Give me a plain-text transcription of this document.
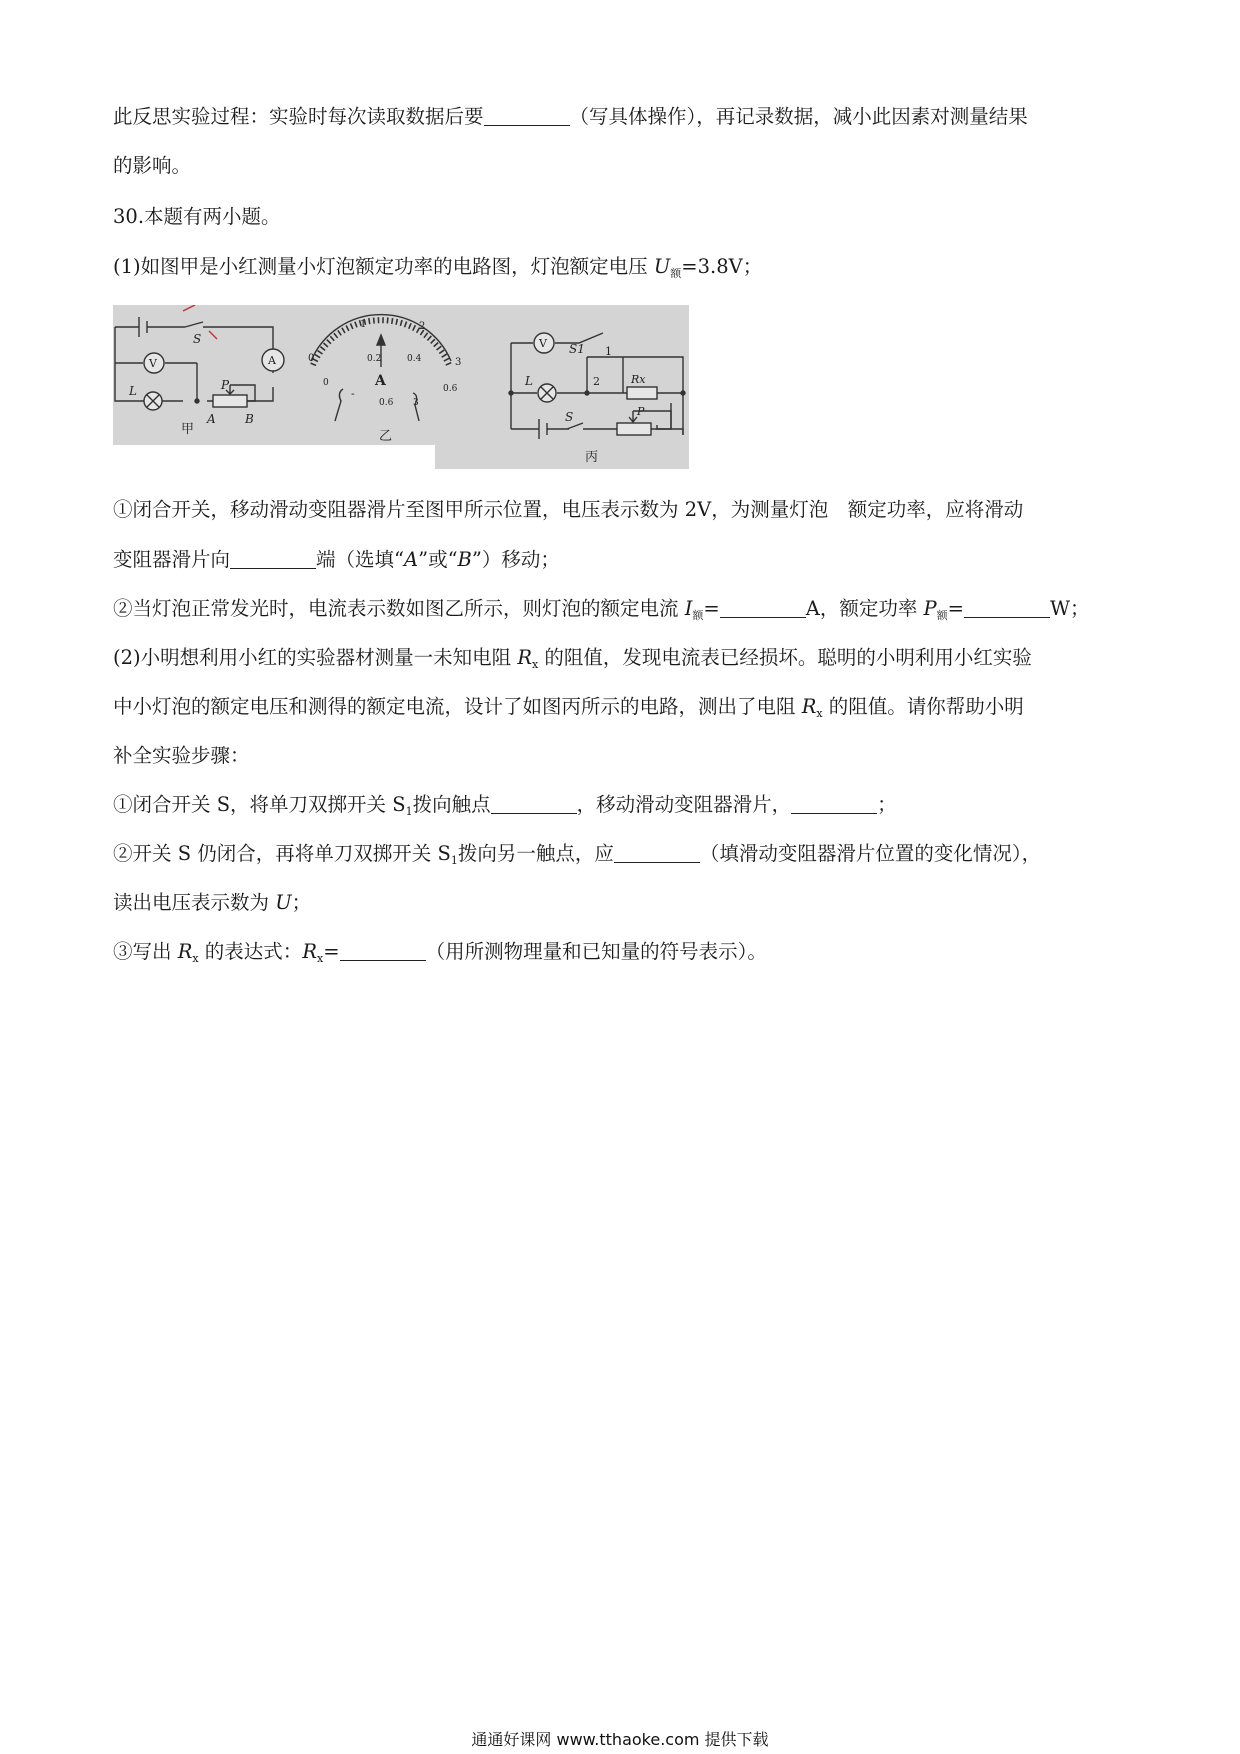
此反思实验过程：实验时每次读取数据后要	（写具体操作），再记录数据，减小此因素对测量结果
的影响。
30.本题有两小题。
(1)如图甲是小红测量小灯泡额定功率的电路图，灯泡额定电压 $U_额=3.8V$；
S
V	A
L	P
A B
甲
0
1	2
3
0
0.2	0.4
0.6
A
-
0.6 3
乙
V S1 1
2
L	Rx
S	P
丙
①闭合开关，移动滑动变阻器滑片至图甲所示位置，电压表示数为 2V，为测量灯泡　额定功率，应将滑动
变阻器滑片向	端（选填“A”或“B”）移动；
②当灯泡正常发光时，电流表示数如图乙所示，则灯泡的额定电流 $I_额=$	A，额定功率 $P_额=$	W；
(2)小明想利用小红的实验器材测量一未知电阻 $R_x$ 的阻值，发现电流表已经损坏。聪明的小明利用小红实验
中小灯泡的额定电压和测得的额定电流，设计了如图丙所示的电路，测出了电阻 $R_x$ 的阻值。请你帮助小明
补全实验步骤：
①闭合开关 S，将单刀双掷开关 $S_1$拨向触点	，移动滑动变阻器滑片，	；
②开关 S 仍闭合，再将单刀双掷开关 $S_1$拨向另一触点，应	（填滑动变阻器滑片位置的变化情况），
读出电压表示数为 U；
③写出 $R_x$ 的表达式：$R_x=$	（用所测物理量和已知量的符号表示）。
通通好课网 www.tthaoke.com 提供下载
